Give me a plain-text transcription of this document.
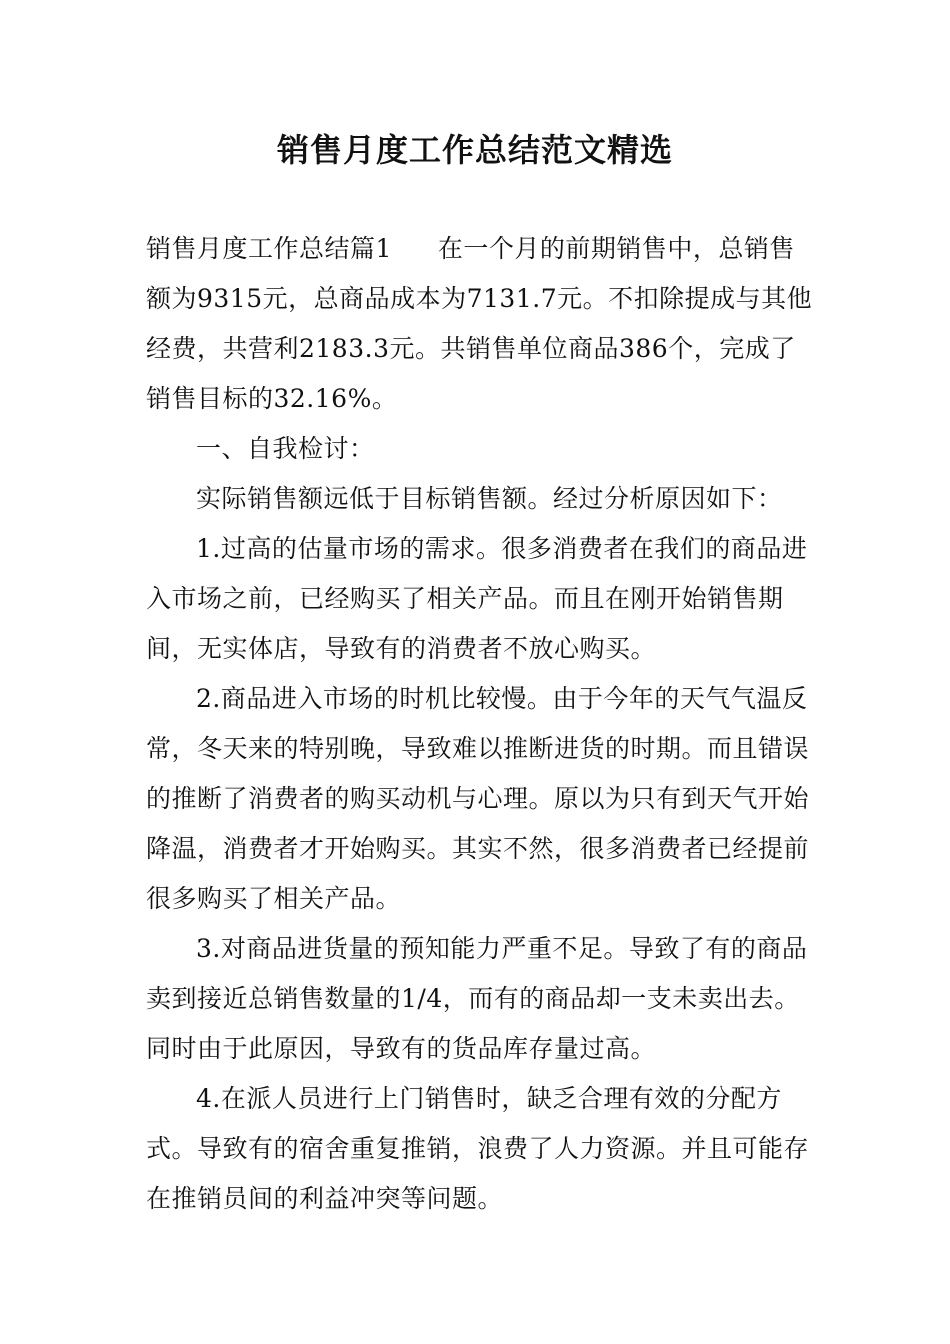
销售月度工作总结范文精选

销售月度工作总结篇1 在一个月的前期销售中，总销售额为9315元，总商品成本为7131.7元。不扣除提成与其他经费，共营利2183.3元。共销售单位商品386个，完成了销售目标的32.16%。

一、自我检讨：

实际销售额远低于目标销售额。经过分析原因如下：

1.过高的估量市场的需求。很多消费者在我们的商品进入市场之前，已经购买了相关产品。而且在刚开始销售期间，无实体店，导致有的消费者不放心购买。

2.商品进入市场的时机比较慢。由于今年的天气气温反常，冬天来的特别晚，导致难以推断进货的时期。而且错误的推断了消费者的购买动机与心理。原以为只有到天气开始降温，消费者才开始购买。其实不然，很多消费者已经提前很多购买了相关产品。

3.对商品进货量的预知能力严重不足。导致了有的商品卖到接近总销售数量的1/4，而有的商品却一支未卖出去。同时由于此原因，导致有的货品库存量过高。

4.在派人员进行上门销售时，缺乏合理有效的分配方式。导致有的宿舍重复推销，浪费了人力资源。并且可能存在推销员间的利益冲突等问题。
